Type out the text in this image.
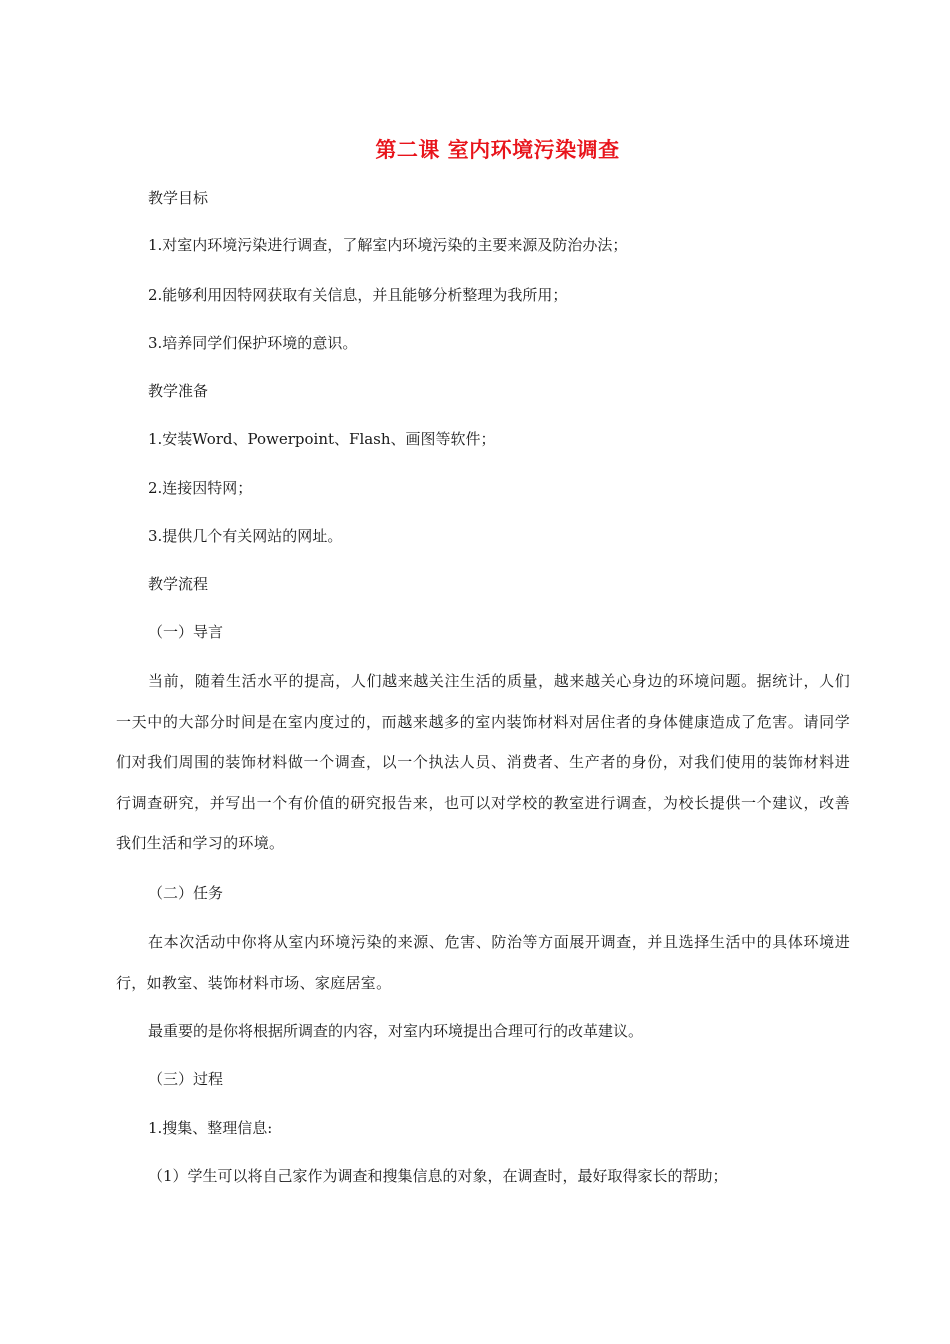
第二课 室内环境污染调查
教学目标
1.对室内环境污染进行调查，了解室内环境污染的主要来源及防治办法；
2.能够利用因特网获取有关信息，并且能够分析整理为我所用；
3.培养同学们保护环境的意识。
教学准备
1.安装Word、Powerpoint、Flash、画图等软件；
2.连接因特网；
3.提供几个有关网站的网址。
教学流程
（一）导言
当前，随着生活水平的提高，人们越来越关注生活的质量，越来越关心身边的环境问题。据统计，人们一天中的大部分时间是在室内度过的，而越来越多的室内装饰材料对居住者的身体健康造成了危害。请同学们对我们周围的装饰材料做一个调查，以一个执法人员、消费者、生产者的身份，对我们使用的装饰材料进行调查研究，并写出一个有价值的研究报告来，也可以对学校的教室进行调查，为校长提供一个建议，改善我们生活和学习的环境。
（二）任务
在本次活动中你将从室内环境污染的来源、危害、防治等方面展开调查，并且选择生活中的具体环境进行，如教室、装饰材料市场、家庭居室。
最重要的是你将根据所调查的内容，对室内环境提出合理可行的改革建议。
（三）过程
1.搜集、整理信息:
（1）学生可以将自己家作为调查和搜集信息的对象，在调查时，最好取得家长的帮助；
